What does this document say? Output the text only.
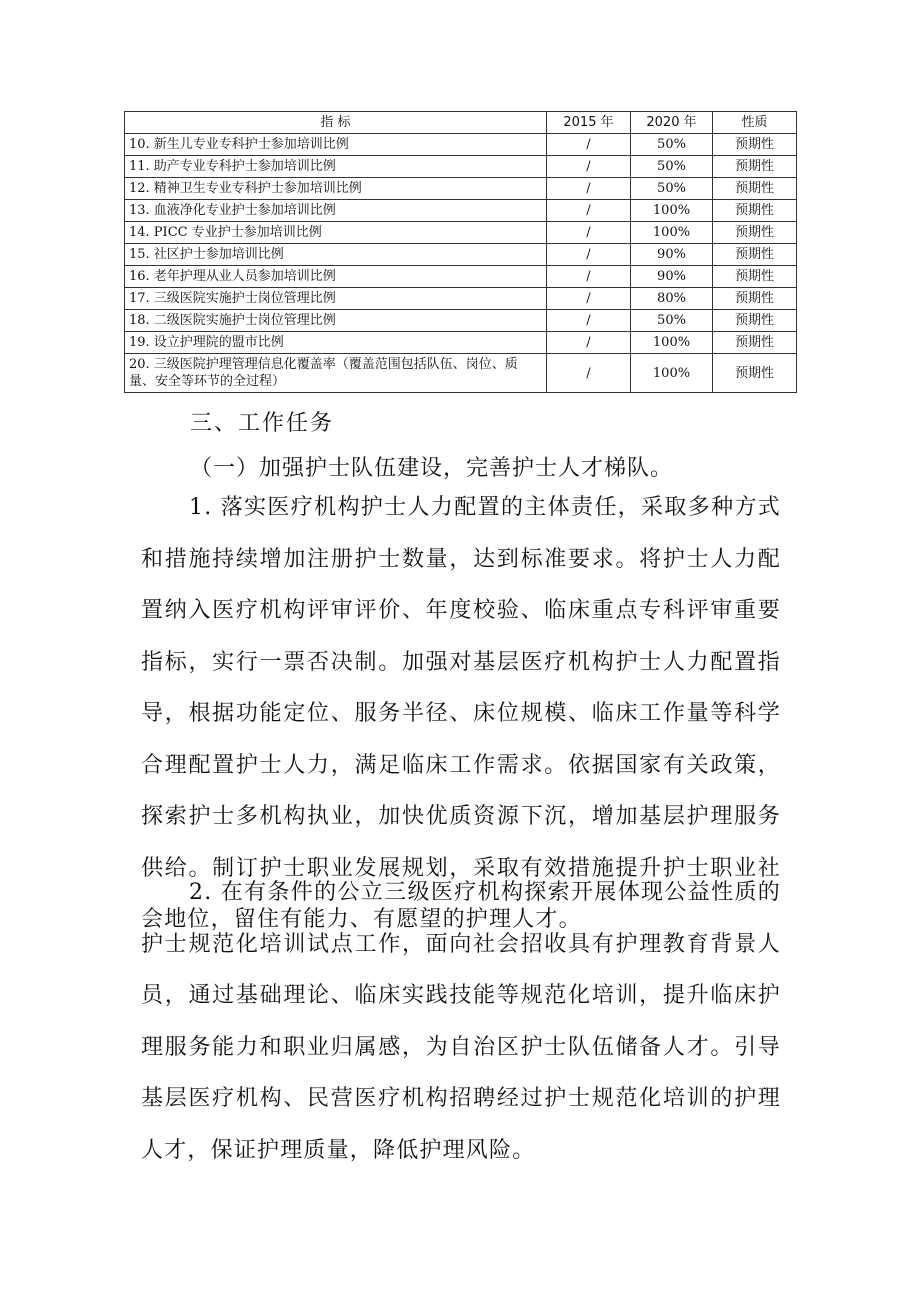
指 标	2015 年	2020 年	性质
10. 新生儿专业专科护士参加培训比例	/	50%	预期性
11. 助产专业专科护士参加培训比例	/	50%	预期性
12. 精神卫生专业专科护士参加培训比例	/	50%	预期性
13. 血液净化专业护士参加培训比例	/	100%	预期性
14. PICC 专业护士参加培训比例	/	100%	预期性
15. 社区护士参加培训比例	/	90%	预期性
16. 老年护理从业人员参加培训比例	/	90%	预期性
17. 三级医院实施护士岗位管理比例	/	80%	预期性
18. 二级医院实施护士岗位管理比例	/	50%	预期性
19. 设立护理院的盟市比例	/	100%	预期性
20. 三级医院护理管理信息化覆盖率（覆盖范围包括队伍、岗位、质量、安全等环节的全过程）	/	100%	预期性
三、工作任务
（一）加强护士队伍建设，完善护士人才梯队。

1. 落实医疗机构护士人力配置的主体责任，采取多种方式和措施持续增加注册护士数量，达到标准要求。将护士人力配置纳入医疗机构评审评价、年度校验、临床重点专科评审重要指标，实行一票否决制。加强对基层医疗机构护士人力配置指导，根据功能定位、服务半径、床位规模、临床工作量等科学合理配置护士人力，满足临床工作需求。依据国家有关政策，探索护士多机构执业，加快优质资源下沉，增加基层护理服务供给。制订护士职业发展规划，采取有效措施提升护士职业社会地位，留住有能力、有愿望的护理人才。

2. 在有条件的公立三级医疗机构探索开展体现公益性质的护士规范化培训试点工作，面向社会招收具有护理教育背景人员，通过基础理论、临床实践技能等规范化培训，提升临床护理服务能力和职业归属感，为自治区护士队伍储备人才。引导基层医疗机构、民营医疗机构招聘经过护士规范化培训的护理人才，保证护理质量，降低护理风险。
